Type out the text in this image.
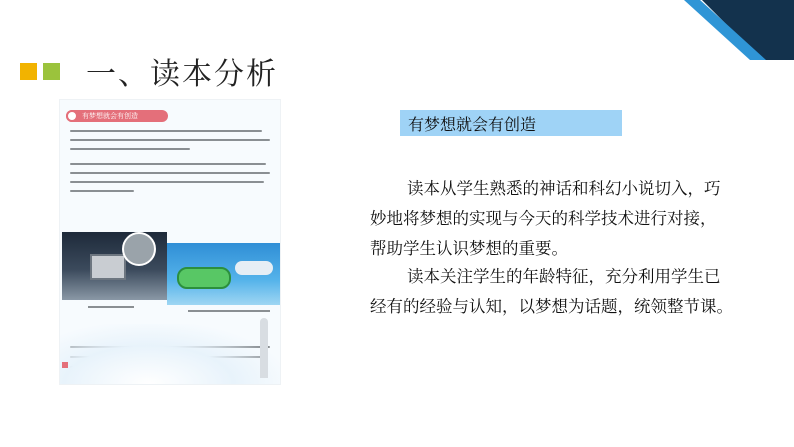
一、读本分析
有梦想就会有创造	有梦想就会有创造
读本从学生熟悉的神话和科幻小说切入，巧
妙地将梦想的实现与今天的科学技术进行对接，
帮助学生认识梦想的重要。
读本关注学生的年龄特征，充分利用学生已
经有的经验与认知，以梦想为话题，统领整节课。
